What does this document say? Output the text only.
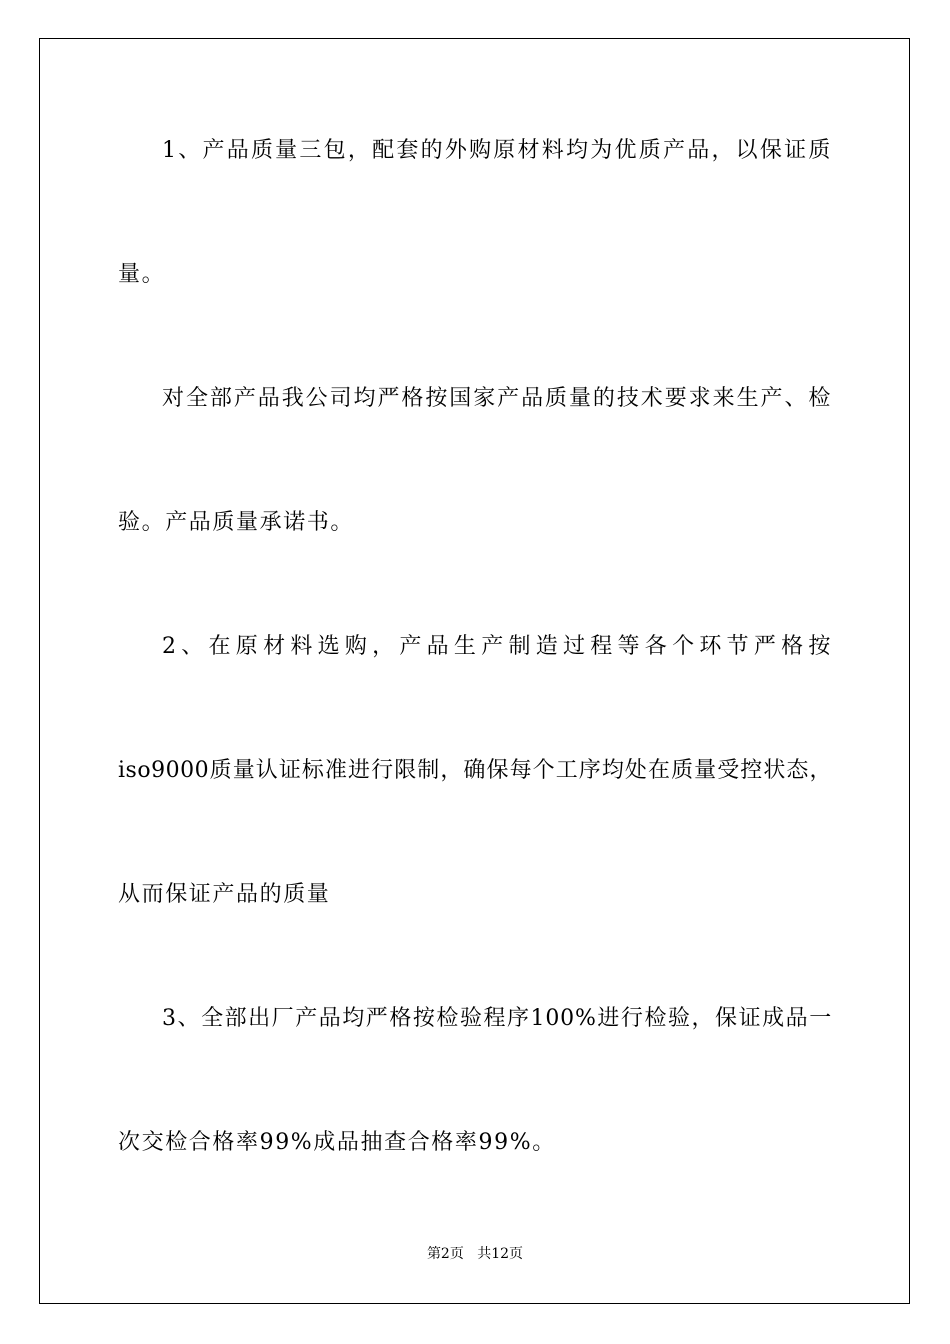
1、产品质量三包，配套的外购原材料均为优质产品，以保证质
量。
对全部产品我公司均严格按国家产品质量的技术要求来生产、检
验。产品质量承诺书。
2、在原材料选购，产品生产制造过程等各个环节严格按
iso9000质量认证标准进行限制，确保每个工序均处在质量受控状态，
从而保证产品的质量
3、全部出厂产品均严格按检验程序100%进行检验，保证成品一
次交检合格率99%成品抽查合格率99%。
第2页 共12页
